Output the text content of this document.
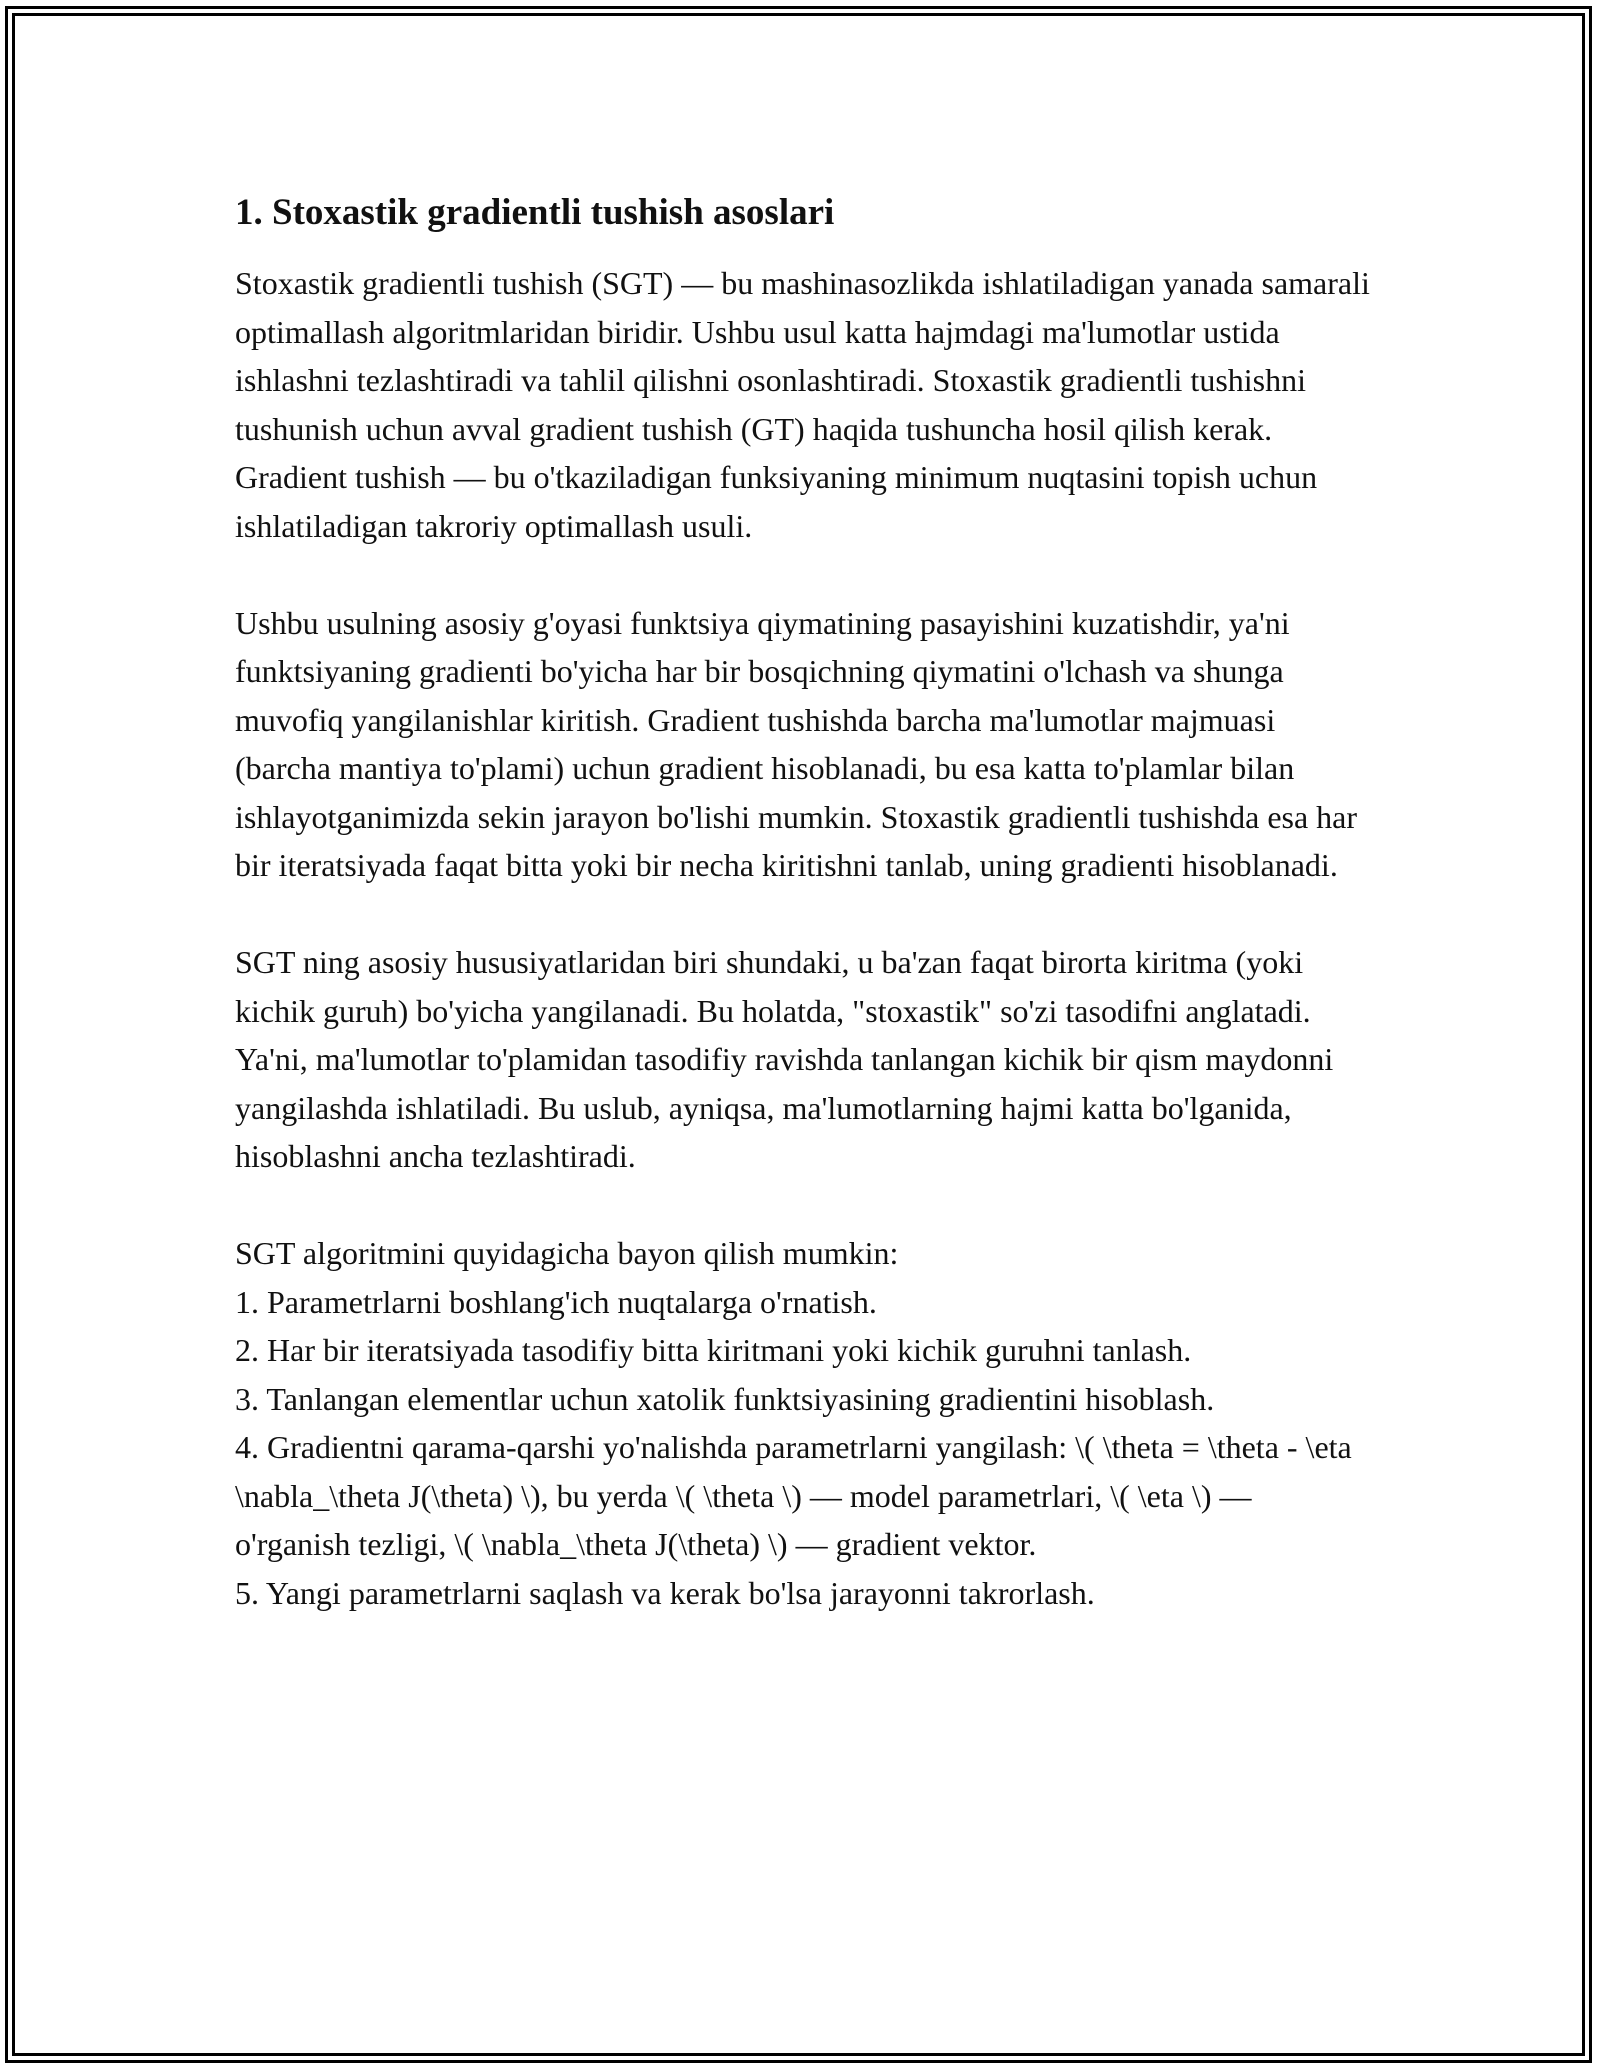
1. Stoxastik gradientli tushish asoslari

Stoxastik gradientli tushish (SGT) — bu mashinasozlikda ishlatiladigan yanada samarali optimallash algoritmlaridan biridir. Ushbu usul katta hajmdagi ma'lumotlar ustida ishlashni tezlashtiradi va tahlil qilishni osonlashtiradi. Stoxastik gradientli tushishni tushunish uchun avval gradient tushish (GT) haqida tushuncha hosil qilish kerak. Gradient tushish — bu o'tkaziladigan funksiyaning minimum nuqtasini topish uchun ishlatiladigan takroriy optimallash usuli.

Ushbu usulning asosiy g'oyasi funktsiya qiymatining pasayishini kuzatishdir, ya'ni funktsiyaning gradienti bo'yicha har bir bosqichning qiymatini o'lchash va shunga muvofiq yangilanishlar kiritish. Gradient tushishda barcha ma'lumotlar majmuasi (barcha mantiya to'plami) uchun gradient hisoblanadi, bu esa katta to'plamlar bilan ishlayotganimizda sekin jarayon bo'lishi mumkin. Stoxastik gradientli tushishda esa har bir iteratsiyada faqat bitta yoki bir necha kiritishni tanlab, uning gradienti hisoblanadi.

SGT ning asosiy hususiyatlaridan biri shundaki, u ba'zan faqat birorta kiritma (yoki kichik guruh) bo'yicha yangilanadi. Bu holatda, "stoxastik" so'zi tasodifni anglatadi. Ya'ni, ma'lumotlar to'plamidan tasodifiy ravishda tanlangan kichik bir qism maydonni yangilashda ishlatiladi. Bu uslub, ayniqsa, ma'lumotlarning hajmi katta bo'lganida, hisoblashni ancha tezlashtiradi.

SGT algoritmini quyidagicha bayon qilish mumkin:
1. Parametrlarni boshlang'ich nuqtalarga o'rnatish.
2. Har bir iteratsiyada tasodifiy bitta kiritmani yoki kichik guruhni tanlash.
3. Tanlangan elementlar uchun xatolik funktsiyasining gradientini hisoblash.
4. Gradientni qarama-qarshi yo'nalishda parametrlarni yangilash: \( \theta = \theta - \eta \nabla_\theta J(\theta) \), bu yerda \( \theta \) — model parametrlari, \( \eta \) — o'rganish tezligi, \( \nabla_\theta J(\theta) \) — gradient vektor.
5. Yangi parametrlarni saqlash va kerak bo'lsa jarayonni takrorlash.
